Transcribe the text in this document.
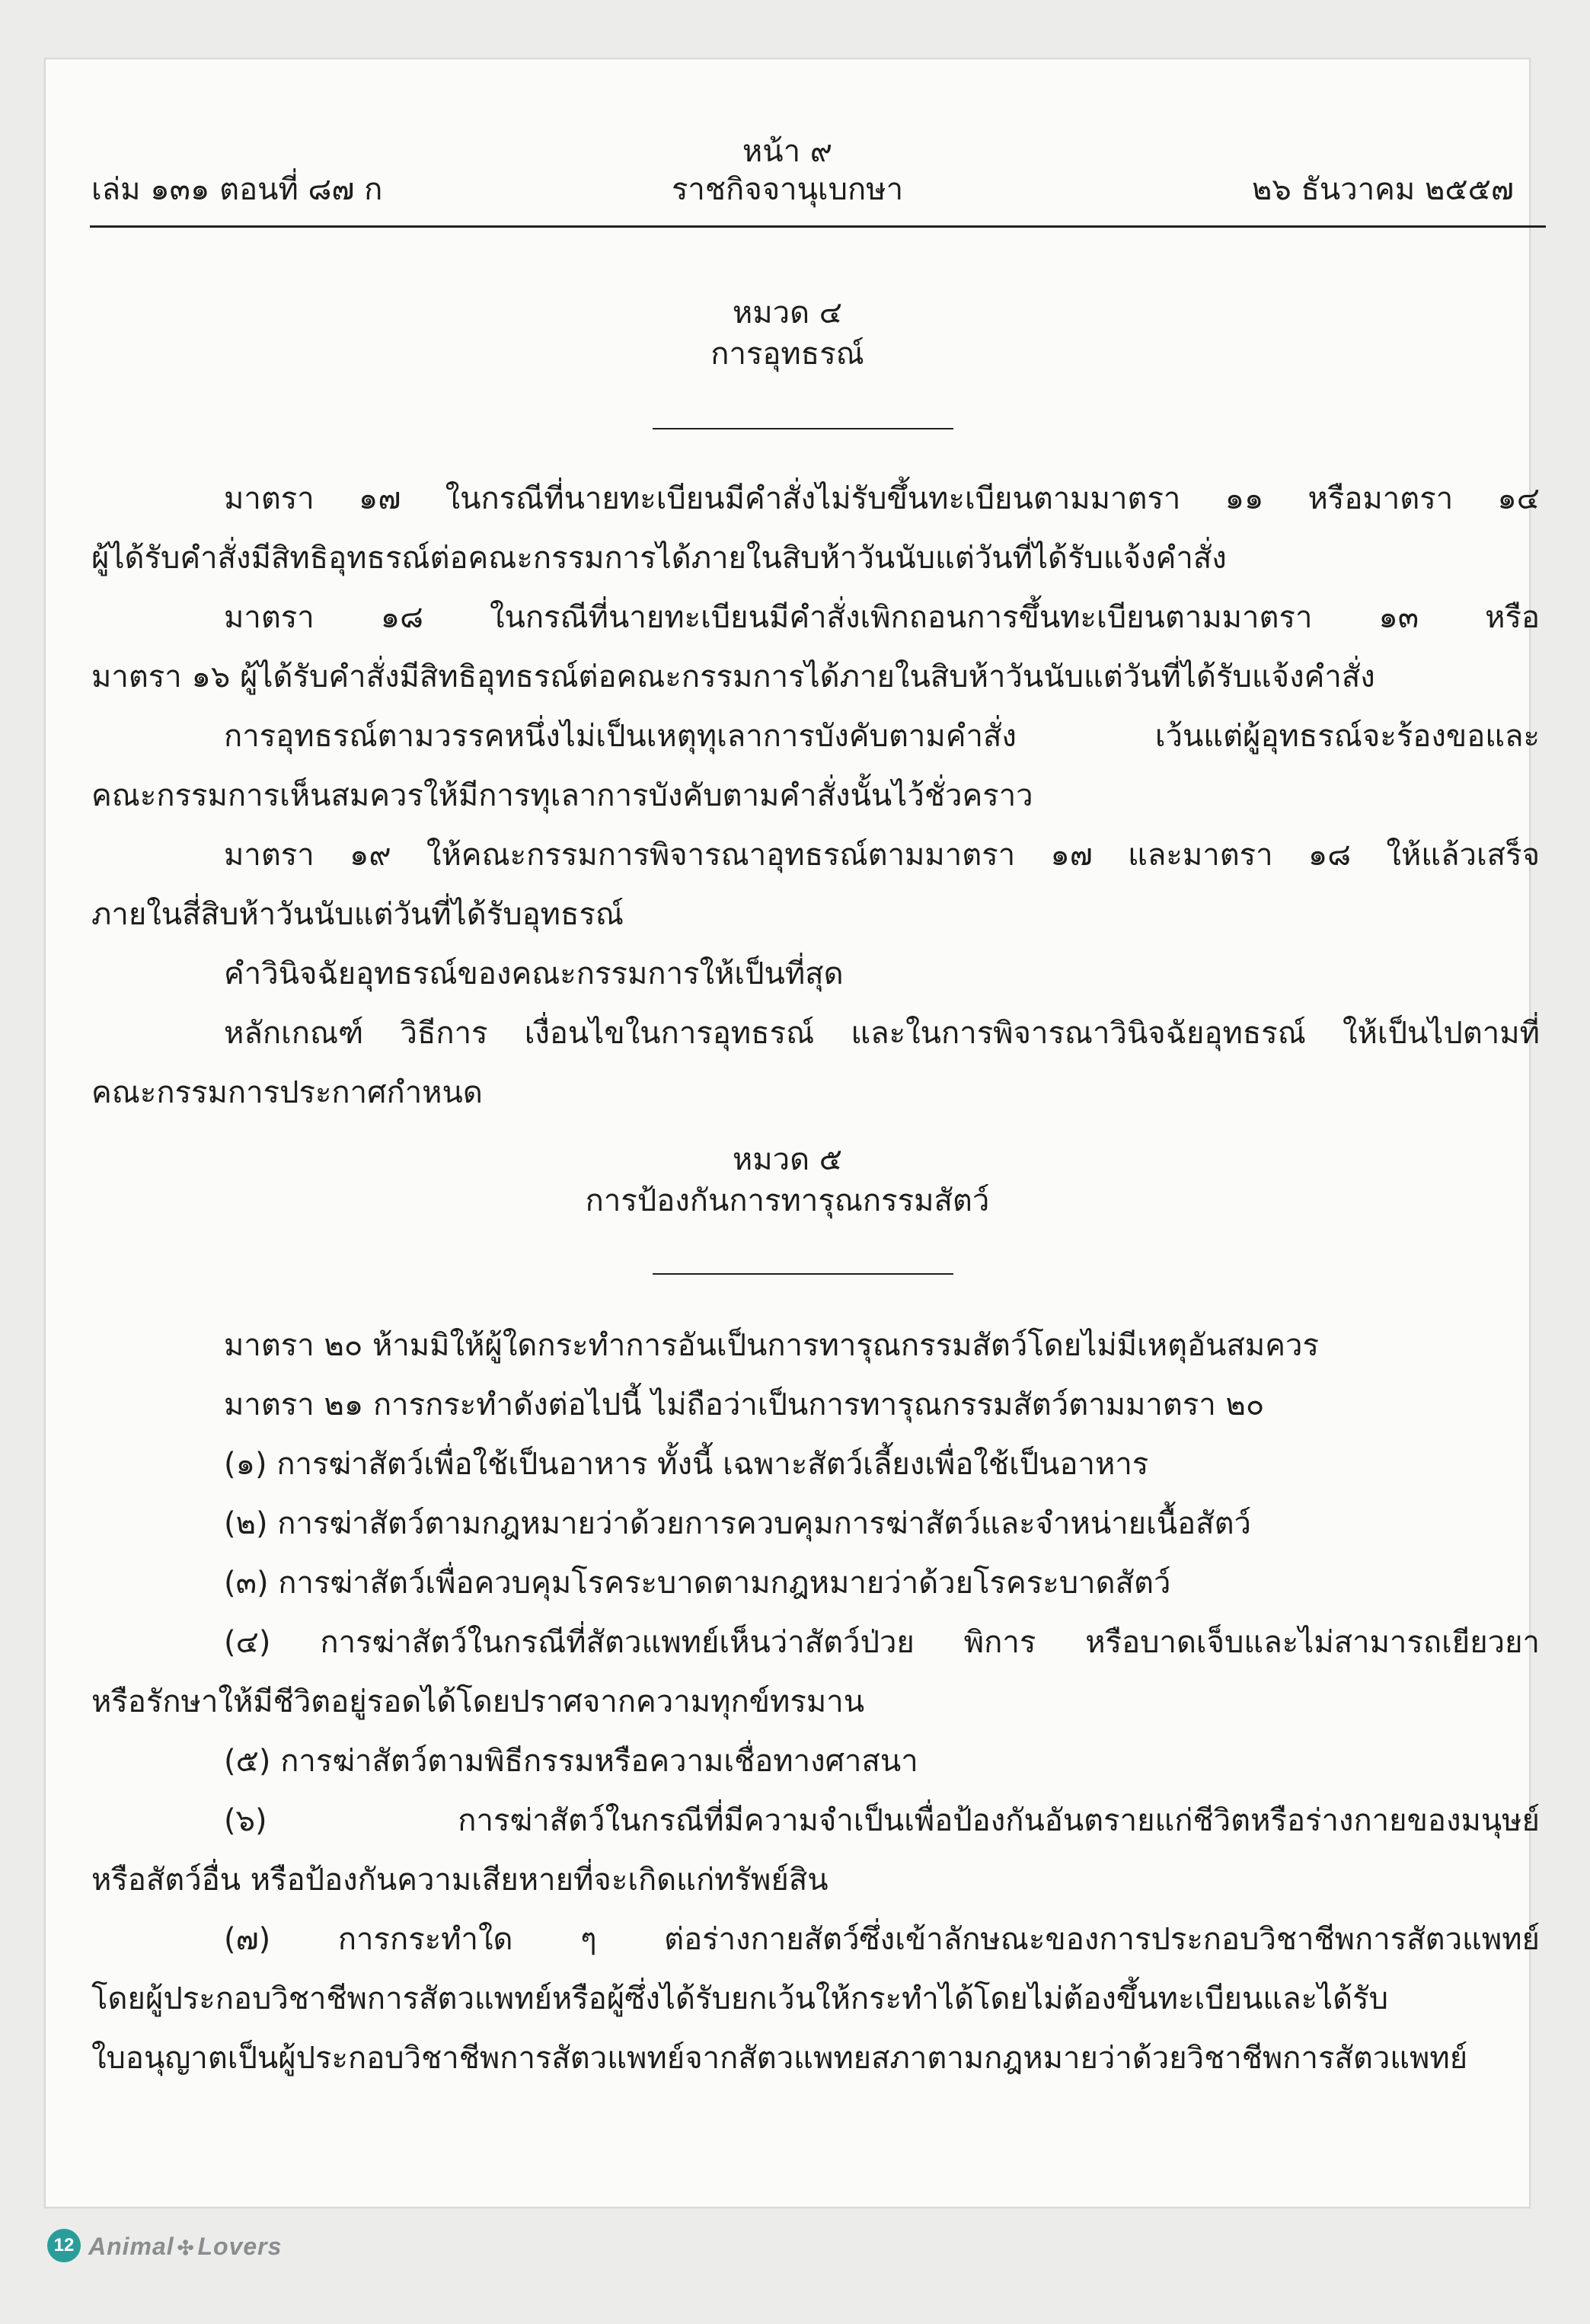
หน้า ๙
เล่ม ๑๓๑ ตอนที่ ๘๗ ก	ราชกิจจานุเบกษา	๒๖ ธันวาคม ๒๕๕๗
หมวด ๔
การอุทธรณ์
มาตรา ๑๗ ในกรณีที่นายทะเบียนมีคำสั่งไม่รับขึ้นทะเบียนตามมาตรา ๑๑ หรือมาตรา ๑๔
ผู้ได้รับคำสั่งมีสิทธิอุทธรณ์ต่อคณะกรรมการได้ภายในสิบห้าวันนับแต่วันที่ได้รับแจ้งคำสั่ง
มาตรา ๑๘ ในกรณีที่นายทะเบียนมีคำสั่งเพิกถอนการขึ้นทะเบียนตามมาตรา ๑๓ หรือ
มาตรา ๑๖ ผู้ได้รับคำสั่งมีสิทธิอุทธรณ์ต่อคณะกรรมการได้ภายในสิบห้าวันนับแต่วันที่ได้รับแจ้งคำสั่ง
การอุทธรณ์ตามวรรคหนึ่งไม่เป็นเหตุทุเลาการบังคับตามคำสั่ง เว้นแต่ผู้อุทธรณ์จะร้องขอและ
คณะกรรมการเห็นสมควรให้มีการทุเลาการบังคับตามคำสั่งนั้นไว้ชั่วคราว
มาตรา ๑๙ ให้คณะกรรมการพิจารณาอุทธรณ์ตามมาตรา ๑๗ และมาตรา ๑๘ ให้แล้วเสร็จ
ภายในสี่สิบห้าวันนับแต่วันที่ได้รับอุทธรณ์
คำวินิจฉัยอุทธรณ์ของคณะกรรมการให้เป็นที่สุด
หลักเกณฑ์ วิธีการ เงื่อนไขในการอุทธรณ์ และในการพิจารณาวินิจฉัยอุทธรณ์ ให้เป็นไปตามที่
คณะกรรมการประกาศกำหนด
หมวด ๕
การป้องกันการทารุณกรรมสัตว์
มาตรา ๒๐ ห้ามมิให้ผู้ใดกระทำการอันเป็นการทารุณกรรมสัตว์โดยไม่มีเหตุอันสมควร
มาตรา ๒๑ การกระทำดังต่อไปนี้ ไม่ถือว่าเป็นการทารุณกรรมสัตว์ตามมาตรา ๒๐
(๑) การฆ่าสัตว์เพื่อใช้เป็นอาหาร ทั้งนี้ เฉพาะสัตว์เลี้ยงเพื่อใช้เป็นอาหาร
(๒) การฆ่าสัตว์ตามกฎหมายว่าด้วยการควบคุมการฆ่าสัตว์และจำหน่ายเนื้อสัตว์
(๓) การฆ่าสัตว์เพื่อควบคุมโรคระบาดตามกฎหมายว่าด้วยโรคระบาดสัตว์
(๔) การฆ่าสัตว์ในกรณีที่สัตวแพทย์เห็นว่าสัตว์ป่วย พิการ หรือบาดเจ็บและไม่สามารถเยียวยา
หรือรักษาให้มีชีวิตอยู่รอดได้โดยปราศจากความทุกข์ทรมาน
(๕) การฆ่าสัตว์ตามพิธีกรรมหรือความเชื่อทางศาสนา
(๖) การฆ่าสัตว์ในกรณีที่มีความจำเป็นเพื่อป้องกันอันตรายแก่ชีวิตหรือร่างกายของมนุษย์
หรือสัตว์อื่น หรือป้องกันความเสียหายที่จะเกิดแก่ทรัพย์สิน
(๗) การกระทำใด ๆ ต่อร่างกายสัตว์ซึ่งเข้าลักษณะของการประกอบวิชาชีพการสัตวแพทย์
โดยผู้ประกอบวิชาชีพการสัตวแพทย์หรือผู้ซึ่งได้รับยกเว้นให้กระทำได้โดยไม่ต้องขึ้นทะเบียนและได้รับ
ใบอนุญาตเป็นผู้ประกอบวิชาชีพการสัตวแพทย์จากสัตวแพทยสภาตามกฎหมายว่าด้วยวิชาชีพการสัตวแพทย์
12 Animal ✣ Lovers
